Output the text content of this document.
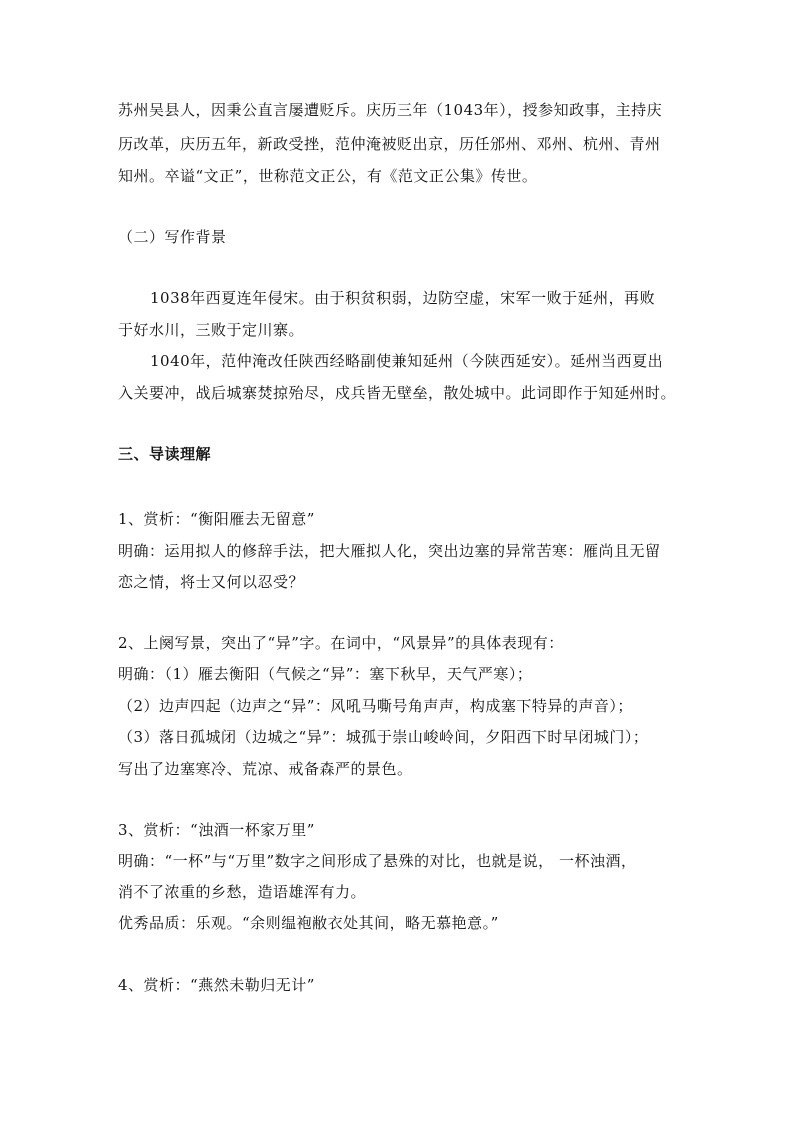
苏州吴县人，因秉公直言屡遭贬斥。庆历三年（1043年），授参知政事，主持庆
历改革，庆历五年，新政受挫，范仲淹被贬出京，历任邠州、邓州、杭州、青州
知州。卒谥“文正”，世称范文正公，有《范文正公集》传世。
（二）写作背景
1038年西夏连年侵宋。由于积贫积弱，边防空虚，宋军一败于延州，再败
于好水川，三败于定川寨。
1040年，范仲淹改任陕西经略副使兼知延州（今陕西延安）。延州当西夏出
入关要冲，战后城寨焚掠殆尽，戍兵皆无壁垒，散处城中。此词即作于知延州时。
三、导读理解
1、赏析：“衡阳雁去无留意”
明确：运用拟人的修辞手法，把大雁拟人化，突出边塞的异常苦寒：雁尚且无留
恋之情，将士又何以忍受？
2、上阕写景，突出了“异”字。在词中，“风景异”的具体表现有：
明确：（1）雁去衡阳（气候之“异”：塞下秋早，天气严寒）；
（2）边声四起（边声之“异”：风吼马嘶号角声声，构成塞下特异的声音）；
（3）落日孤城闭（边城之“异”：城孤于崇山峻岭间，夕阳西下时早闭城门）；
写出了边塞寒冷、荒凉、戒备森严的景色。
3、赏析：“浊酒一杯家万里”
明确：“一杯”与“万里”数字之间形成了悬殊的对比，也就是说， 一杯浊酒，
消不了浓重的乡愁，造语雄浑有力。
优秀品质：乐观。“余则缊袍敝衣处其间，略无慕艳意。”
4、赏析：“燕然未勒归无计”
